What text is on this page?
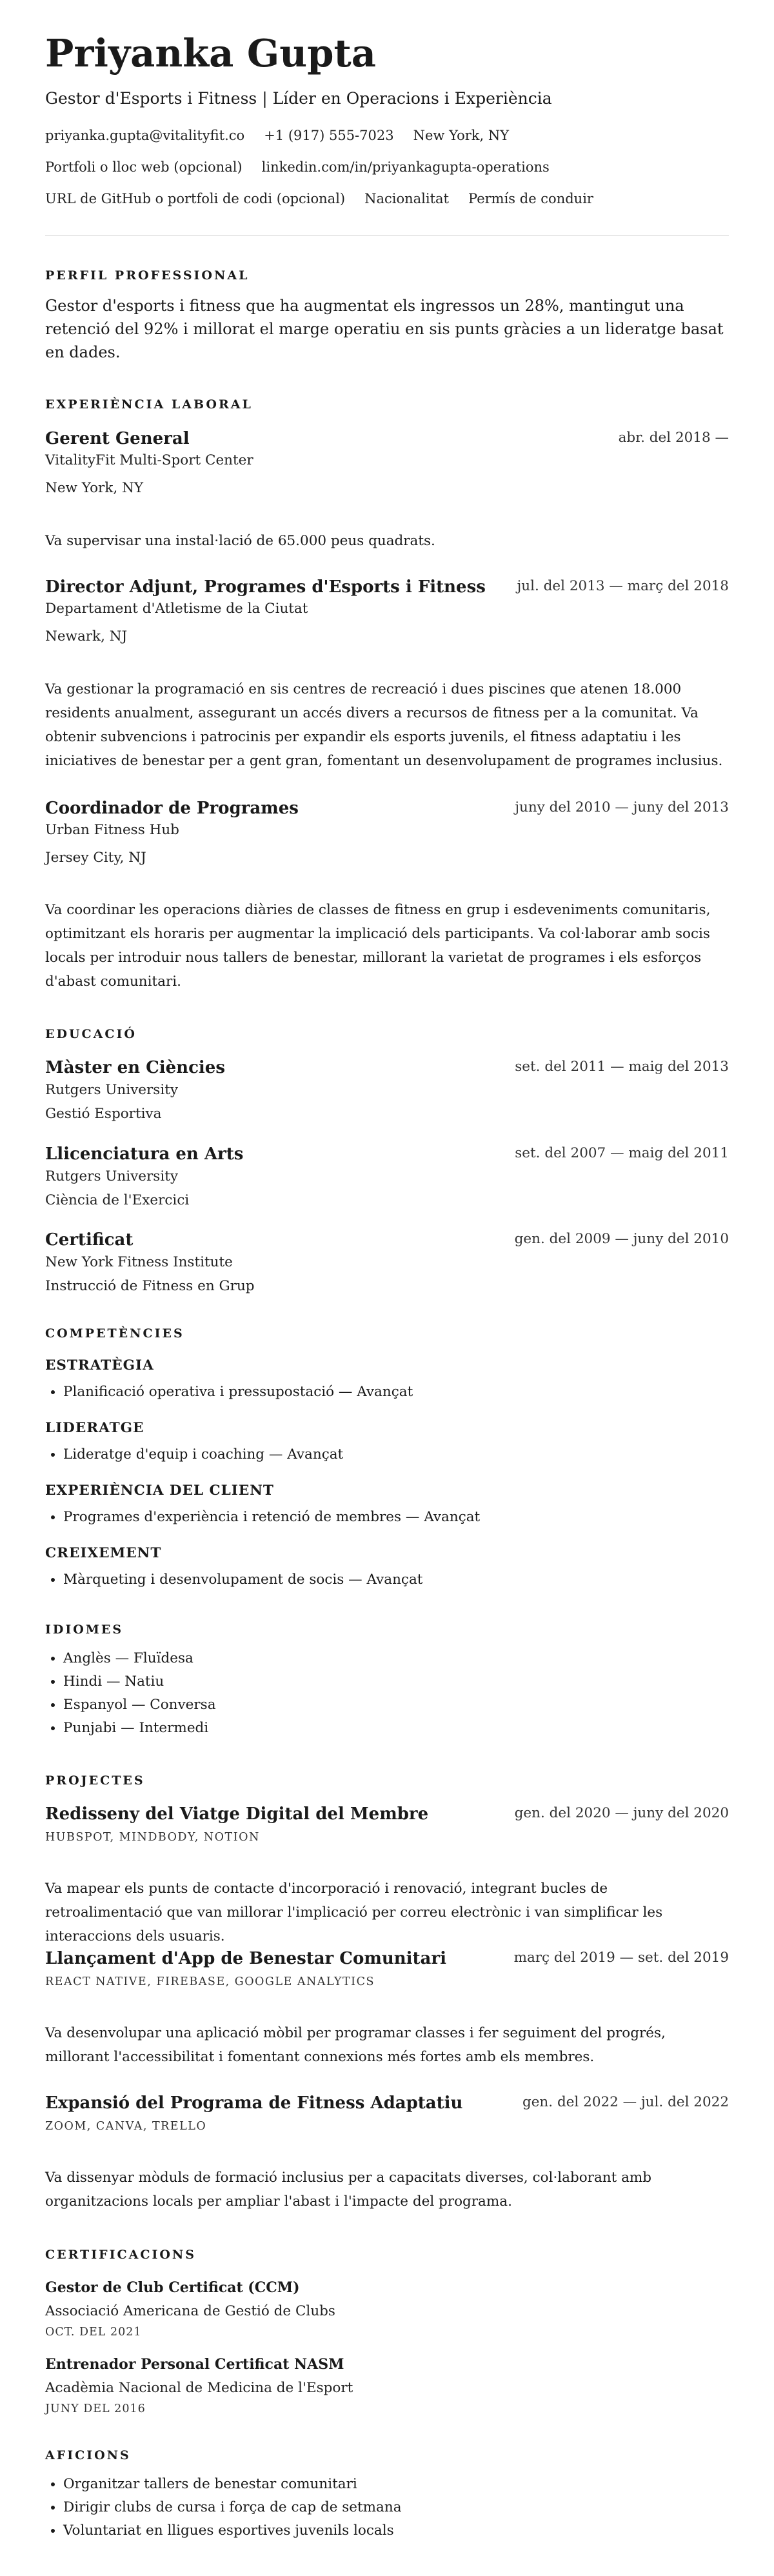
Priyanka Gupta
Gestor d'Esports i Fitness | Líder en Operacions i Experiència
priyanka.gupta@vitalityfit.co +1 (917) 555-7023 New York, NY
Portfoli o lloc web (opcional) linkedin.com/in/priyankagupta-operations
URL de GitHub o portfoli de codi (opcional) Nacionalitat Permís de conduir
PERFIL PROFESSIONAL
Gestor d'esports i fitness que ha augmentat els ingressos un 28%, mantingut una retenció del 92% i millorat el marge operatiu en sis punts gràcies a un lideratge basat en dades.
EXPERIÈNCIA LABORAL
Gerent General	abr. del 2018 —
VitalityFit Multi-Sport Center
New York, NY
Va supervisar una instal·lació de 65.000 peus quadrats.
Director Adjunt, Programes d'Esports i Fitness jul. del 2013 — març del 2018
Departament d'Atletisme de la Ciutat
Newark, NJ
Va gestionar la programació en sis centres de recreació i dues piscines que atenen 18.000 residents anualment, assegurant un accés divers a recursos de fitness per a la comunitat. Va obtenir subvencions i patrocinis per expandir els esports juvenils, el fitness adaptatiu i les iniciatives de benestar per a gent gran, fomentant un desenvolupament de programes inclusius.
Coordinador de Programes	juny del 2010 — juny del 2013
Urban Fitness Hub
Jersey City, NJ
Va coordinar les operacions diàries de classes de fitness en grup i esdeveniments comunitaris, optimitzant els horaris per augmentar la implicació dels participants. Va col·laborar amb socis locals per introduir nous tallers de benestar, millorant la varietat de programes i els esforços d'abast comunitari.
EDUCACIÓ
Màster en Ciències	set. del 2011 — maig del 2013
Rutgers University
Gestió Esportiva
Llicenciatura en Arts	set. del 2007 — maig del 2011
Rutgers University
Ciència de l'Exercici
Certificat	gen. del 2009 — juny del 2010
New York Fitness Institute
Instrucció de Fitness en Grup
COMPETÈNCIES
ESTRATÈGIA
• Planificació operativa i pressupostació — Avançat
LIDERATGE
• Lideratge d'equip i coaching — Avançat
EXPERIÈNCIA DEL CLIENT
• Programes d'experiència i retenció de membres — Avançat
CREIXEMENT
• Màrqueting i desenvolupament de socis — Avançat
IDIOMES
• Anglès — Fluïdesa
• Hindi — Natiu
• Espanyol — Conversa
• Punjabi — Intermedi
PROJECTES
Redisseny del Viatge Digital del Membre	gen. del 2020 — juny del 2020
HUBSPOT, MINDBODY, NOTION
Va mapear els punts de contacte d'incorporació i renovació, integrant bucles de retroalimentació que van millorar l'implicació per correu electrònic i van simplificar les interaccions dels usuaris.
Llançament d'App de Benestar Comunitari	març del 2019 — set. del 2019
REACT NATIVE, FIREBASE, GOOGLE ANALYTICS
Va desenvolupar una aplicació mòbil per programar classes i fer seguiment del progrés, millorant l'accessibilitat i fomentant connexions més fortes amb els membres.
Expansió del Programa de Fitness Adaptatiu	gen. del 2022 — jul. del 2022
ZOOM, CANVA, TRELLO
Va dissenyar mòduls de formació inclusius per a capacitats diverses, col·laborant amb organitzacions locals per ampliar l'abast i l'impacte del programa.
CERTIFICACIONS
Gestor de Club Certificat (CCM)
Associació Americana de Gestió de Clubs
OCT. DEL 2021
Entrenador Personal Certificat NASM
Acadèmia Nacional de Medicina de l'Esport
JUNY DEL 2016
AFICIONS
• Organitzar tallers de benestar comunitari
• Dirigir clubs de cursa i força de cap de setmana
• Voluntariat en lligues esportives juvenils locals
